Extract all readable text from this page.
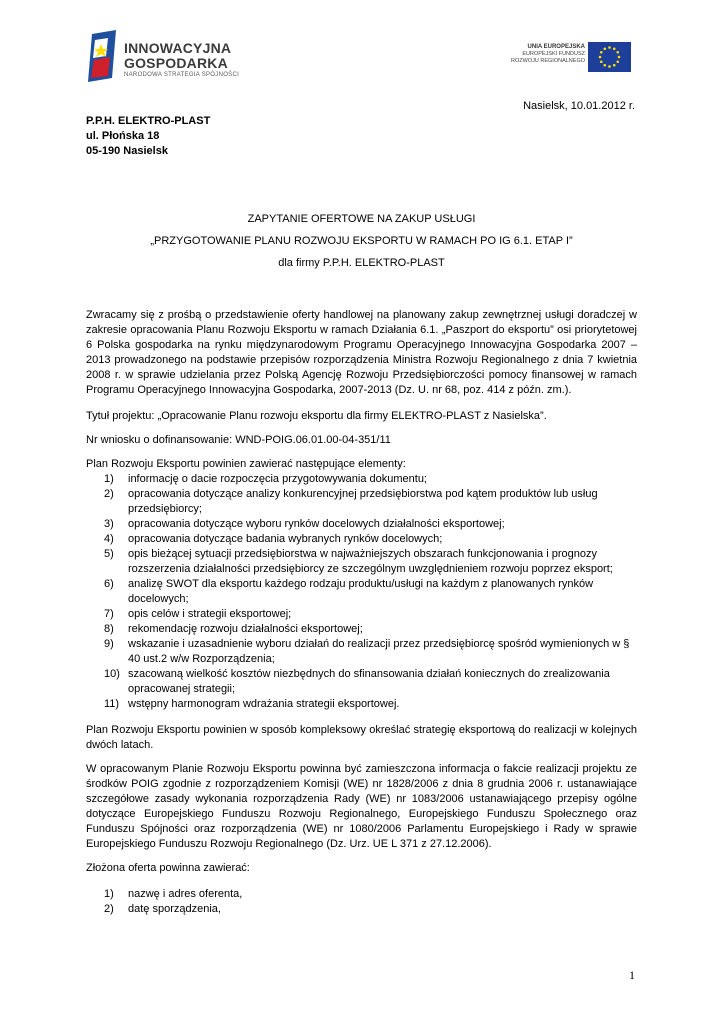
INNOWACYJNA
GOSPODARKA
NARODOWA STRATEGIA SPÓJNOŚCI
UNIA EUROPEJSKA
EUROPEJSKI FUNDUSZ
ROZWOJU REGIONALNEGO
Nasielsk, 10.01.2012 r.
P.P.H. ELEKTRO-PLAST
ul. Płońska 18
05-190 Nasielsk
ZAPYTANIE OFERTOWE NA ZAKUP USŁUGI
„PRZYGOTOWANIE PLANU ROZWOJU EKSPORTU W RAMACH PO IG 6.1. ETAP I”
dla firmy P.P.H. ELEKTRO-PLAST

Zwracamy się z prośbą o przedstawienie oferty handlowej na planowany zakup zewnętrznej usługi doradczej w zakresie opracowania Planu Rozwoju Eksportu w ramach Działania 6.1. „Paszport do eksportu” osi priorytetowej 6 Polska gospodarka na rynku międzynarodowym Programu Operacyjnego Innowacyjna Gospodarka 2007 – 2013 prowadzonego na podstawie przepisów rozporządzenia Ministra Rozwoju Regionalnego z dnia 7 kwietnia 2008 r. w sprawie udzielania przez Polską Agencję Rozwoju Przedsiębiorczości pomocy finansowej w ramach Programu Operacyjnego Innowacyjna Gospodarka, 2007-2013 (Dz. U. nr 68, poz. 414 z późn. zm.).

Tytuł projektu: „Opracowanie Planu rozwoju eksportu dla firmy ELEKTRO-PLAST z Nasielska”.

Nr wniosku o dofinansowanie: WND-POIG.06.01.00-04-351/11

Plan Rozwoju Eksportu powinien zawierać następujące elementy:

1) informację o dacie rozpoczęcia przygotowywania dokumentu;
2) opracowania dotyczące analizy konkurencyjnej przedsiębiorstwa pod kątem produktów lub usług przedsiębiorcy;
3) opracowania dotyczące wyboru rynków docelowych działalności eksportowej;
4) opracowania dotyczące badania wybranych rynków docelowych;
5) opis bieżącej sytuacji przedsiębiorstwa w najważniejszych obszarach funkcjonowania i prognozy rozszerzenia działalności przedsiębiorcy ze szczególnym uwzględnieniem rozwoju poprzez eksport;
6) analizę SWOT dla eksportu każdego rodzaju produktu/usługi na każdym z planowanych rynków docelowych;
7) opis celów i strategii eksportowej;
8) rekomendację rozwoju działalności eksportowej;
9) wskazanie i uzasadnienie wyboru działań do realizacji przez przedsiębiorcę spośród wymienionych w § 40 ust.2 w/w Rozporządzenia;
10) szacowaną wielkość kosztów niezbędnych do sfinansowania działań koniecznych do zrealizowania opracowanej strategii;
11) wstępny harmonogram wdrażania strategii eksportowej.

Plan Rozwoju Eksportu powinien w sposób kompleksowy określać strategię eksportową do realizacji w kolejnych dwóch latach.

W opracowanym Planie Rozwoju Eksportu powinna być zamieszczona informacja o fakcie realizacji projektu ze środków POIG zgodnie z rozporządzeniem Komisji (WE) nr 1828/2006 z dnia 8 grudnia 2006 r. ustanawiające szczegółowe zasady wykonania rozporządzenia Rady (WE) nr 1083/2006 ustanawiającego przepisy ogólne dotyczące Europejskiego Funduszu Rozwoju Regionalnego, Europejskiego Funduszu Społecznego oraz Funduszu Spójności oraz rozporządzenia (WE) nr 1080/2006 Parlamentu Europejskiego i Rady w sprawie Europejskiego Funduszu Rozwoju Regionalnego (Dz. Urz. UE L 371 z 27.12.2006).

Złożona oferta powinna zawierać:

1) nazwę i adres oferenta,
2) datę sporządzenia,
1
